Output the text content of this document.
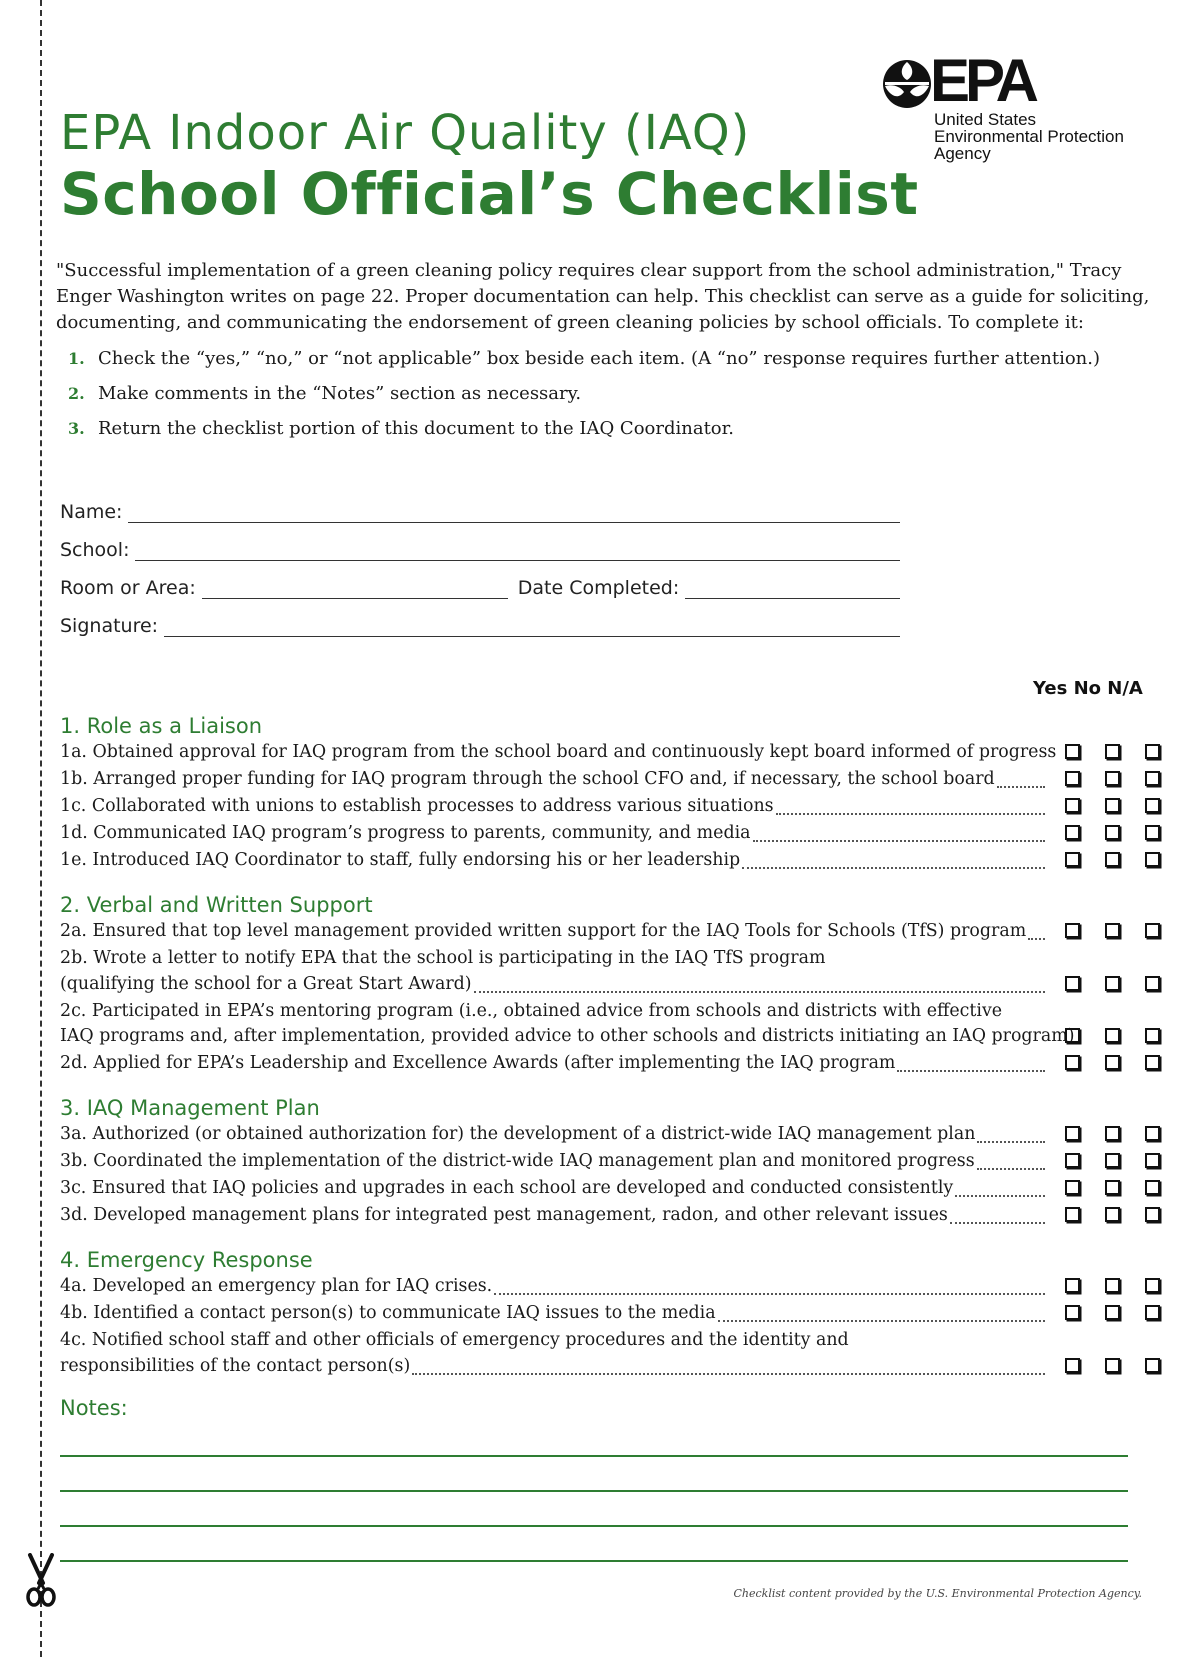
EPA
United States
Environmental Protection
Agency
EPA Indoor Air Quality (IAQ)
School Official’s Checklist
"Successful implementation of a green cleaning policy requires clear support from the school administration," Tracy Enger Washington writes on page 22. Proper documentation can help. This checklist can serve as a guide for soliciting, documenting, and communicating the endorsement of green cleaning policies by school officials. To complete it:
1. Check the “yes,” “no,” or “not applicable” box beside each item. (A “no” response requires further attention.)
2. Make comments in the “Notes” section as necessary.
3. Return the checklist portion of this document to the IAQ Coordinator.
Name:
School:
Room or Area:	Date Completed:
Signature:
Yes No N/A
1. Role as a Liaison
1a. Obtained approval for IAQ program from the school board and continuously kept board informed of progress
1b. Arranged proper funding for IAQ program through the school CFO and, if necessary, the school board
1c. Collaborated with unions to establish processes to address various situations
1d. Communicated IAQ program’s progress to parents, community, and media
1e. Introduced IAQ Coordinator to staff, fully endorsing his or her leadership
2. Verbal and Written Support
2a. Ensured that top level management provided written support for the IAQ Tools for Schools (TfS) program
2b. Wrote a letter to notify EPA that the school is participating in the IAQ TfS program
(qualifying the school for a Great Start Award)
2c. Participated in EPA’s mentoring program (i.e., obtained advice from schools and districts with effective
IAQ programs and, after implementation, provided advice to other schools and districts initiating an IAQ program)
2d. Applied for EPA’s Leadership and Excellence Awards (after implementing the IAQ program
3. IAQ Management Plan
3a. Authorized (or obtained authorization for) the development of a district-wide IAQ management plan
3b. Coordinated the implementation of the district-wide IAQ management plan and monitored progress
3c. Ensured that IAQ policies and upgrades in each school are developed and conducted consistently
3d. Developed management plans for integrated pest management, radon, and other relevant issues
4. Emergency Response
4a. Developed an emergency plan for IAQ crises.
4b. Identified a contact person(s) to communicate IAQ issues to the media
4c. Notified school staff and other officials of emergency procedures and the identity and
responsibilities of the contact person(s)
Notes:
Checklist content provided by the U.S. Environmental Protection Agency.
